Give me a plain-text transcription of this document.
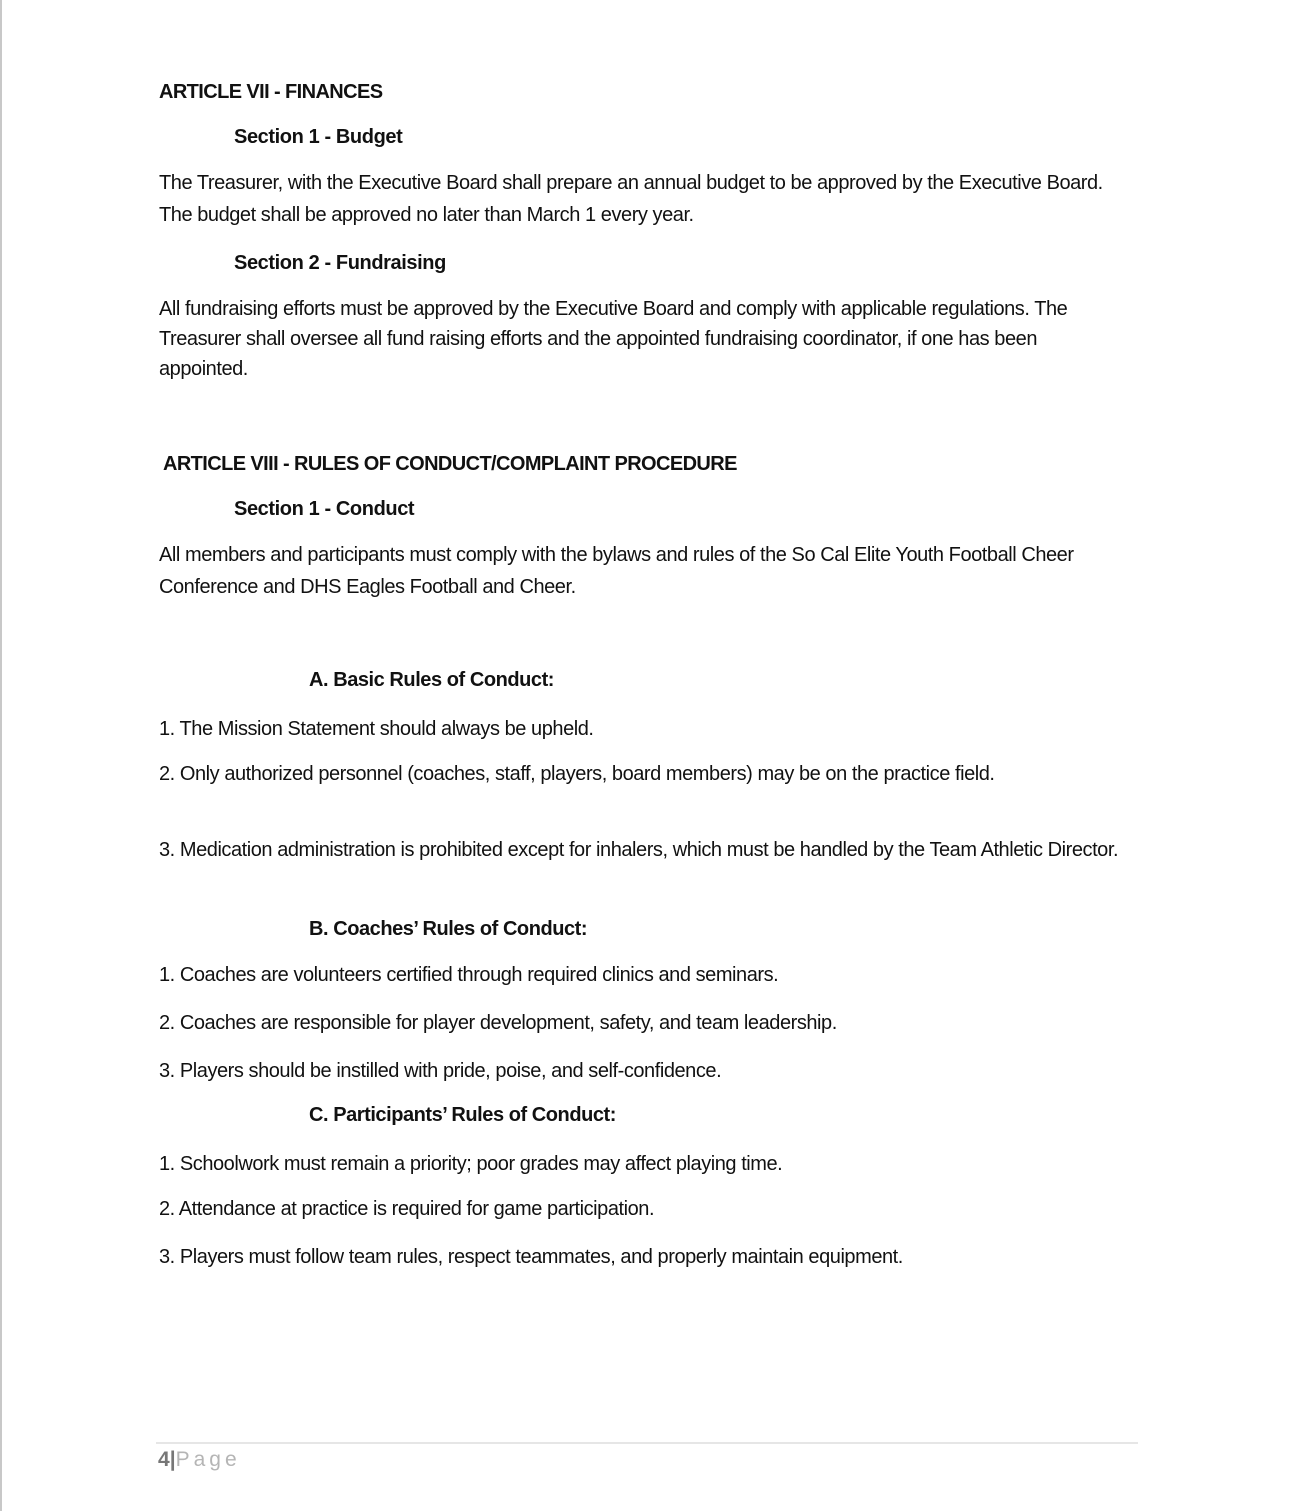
ARTICLE VII - FINANCES
Section 1 - Budget
The Treasurer, with the Executive Board shall prepare an annual budget to be approved by the Executive Board. The budget shall be approved no later than March 1 every year.
Section 2 - Fundraising
All fundraising efforts must be approved by the Executive Board and comply with applicable regulations. The Treasurer shall oversee all fund raising efforts and the appointed fundraising coordinator, if one has been appointed.
ARTICLE VIII - RULES OF CONDUCT/COMPLAINT PROCEDURE
Section 1 - Conduct
All members and participants must comply with the bylaws and rules of the So Cal Elite Youth Football Cheer Conference and DHS Eagles Football and Cheer.
A. Basic Rules of Conduct:
1. The Mission Statement should always be upheld.
2. Only authorized personnel (coaches, staff, players, board members) may be on the practice field.
3. Medication administration is prohibited except for inhalers, which must be handled by the Team Athletic Director.
B. Coaches’ Rules of Conduct:
1. Coaches are volunteers certified through required clinics and seminars.
2. Coaches are responsible for player development, safety, and team leadership.
3. Players should be instilled with pride, poise, and self-confidence.
C. Participants’ Rules of Conduct:
1. Schoolwork must remain a priority; poor grades may affect playing time.
2. Attendance at practice is required for game participation.
3. Players must follow team rules, respect teammates, and properly maintain equipment.
4|Page
